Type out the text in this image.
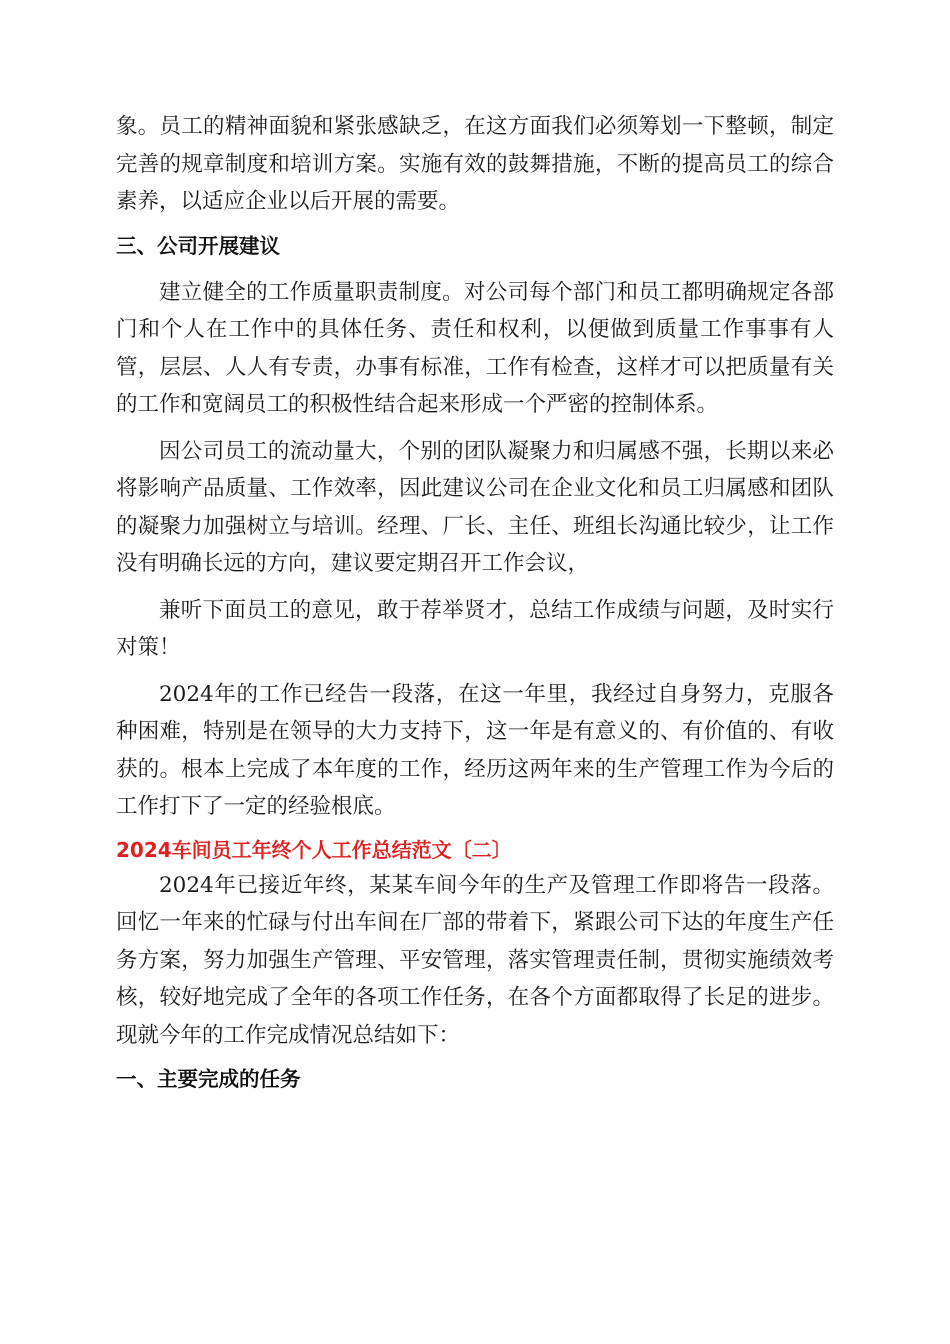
象。员工的精神面貌和紧张感缺乏，在这方面我们必须筹划一下整顿，制定完善的规章制度和培训方案。实施有效的鼓舞措施，不断的提高员工的综合素养，以适应企业以后开展的需要。

三、公司开展建议

建立健全的工作质量职责制度。对公司每个部门和员工都明确规定各部门和个人在工作中的具体任务、责任和权利，以便做到质量工作事事有人管，层层、人人有专责，办事有标准，工作有检查，这样才可以把质量有关的工作和宽阔员工的积极性结合起来形成一个严密的控制体系。

因公司员工的流动量大，个别的团队凝聚力和归属感不强，长期以来必将影响产品质量、工作效率，因此建议公司在企业文化和员工归属感和团队的凝聚力加强树立与培训。经理、厂长、主任、班组长沟通比较少，让工作没有明确长远的方向，建议要定期召开工作会议，

兼听下面员工的意见，敢于荐举贤才，总结工作成绩与问题，及时实行对策！

2024年的工作已经告一段落，在这一年里，我经过自身努力，克服各种困难，特别是在领导的大力支持下，这一年是有意义的、有价值的、有收获的。根本上完成了本年度的工作，经历这两年来的生产管理工作为今后的工作打下了一定的经验根底。

2024车间员工年终个人工作总结范文〔二〕

2024年已接近年终，某某车间今年的生产及管理工作即将告一段落。回忆一年来的忙碌与付出车间在厂部的带着下，紧跟公司下达的年度生产任务方案，努力加强生产管理、平安管理，落实管理责任制，贯彻实施绩效考核，较好地完成了全年的各项工作任务，在各个方面都取得了长足的进步。现就今年的工作完成情况总结如下：

一、主要完成的任务
